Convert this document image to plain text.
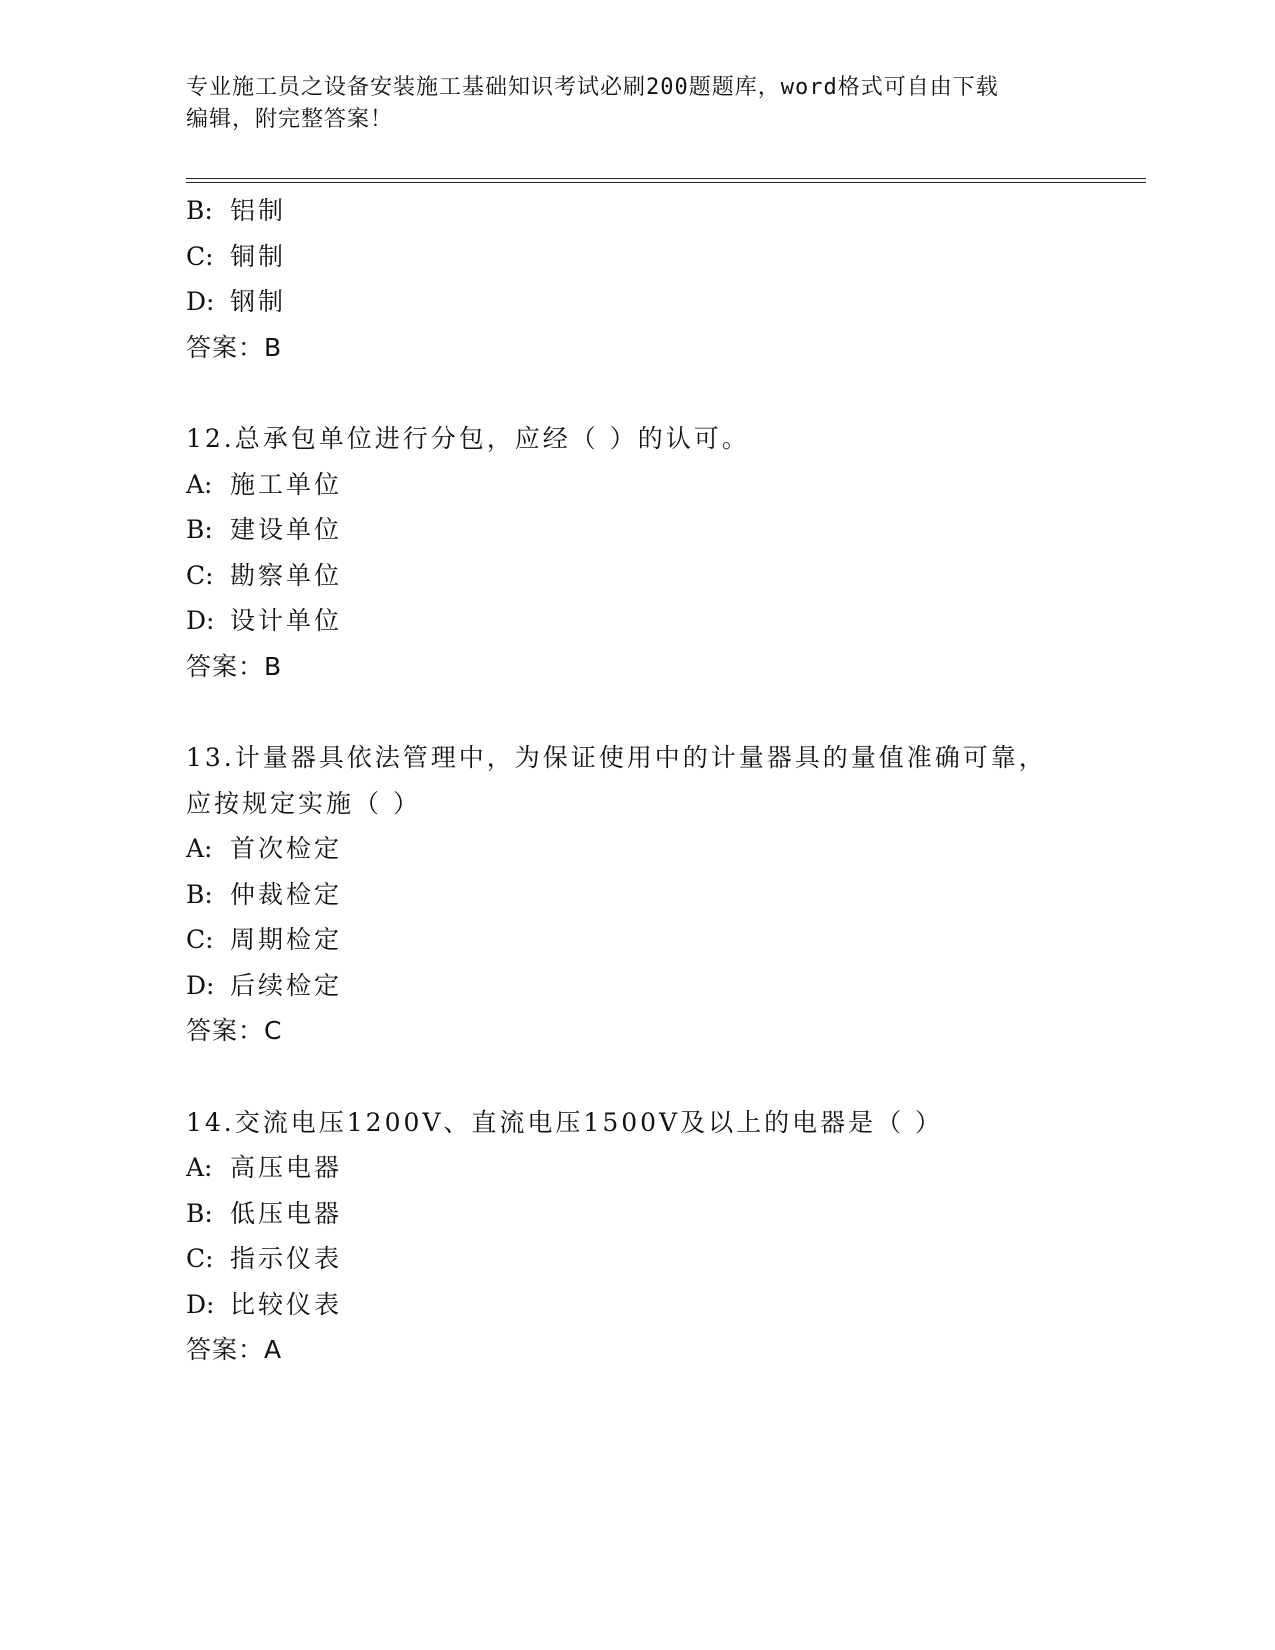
专业施工员之设备安装施工基础知识考试必刷200题题库，word格式可自由下载
编辑，附完整答案！
B: 铝制
C: 铜制
D: 钢制
答案：B
12.总承包单位进行分包，应经（ ）的认可。
A: 施工单位
B: 建设单位
C: 勘察单位
D: 设计单位
答案：B
13.计量器具依法管理中，为保证使用中的计量器具的量值准确可靠，
应按规定实施（ ）
A: 首次检定
B: 仲裁检定
C: 周期检定
D: 后续检定
答案：C
14.交流电压1200V、直流电压1500V及以上的电器是（ ）
A: 高压电器
B: 低压电器
C: 指示仪表
D: 比较仪表
答案：A
